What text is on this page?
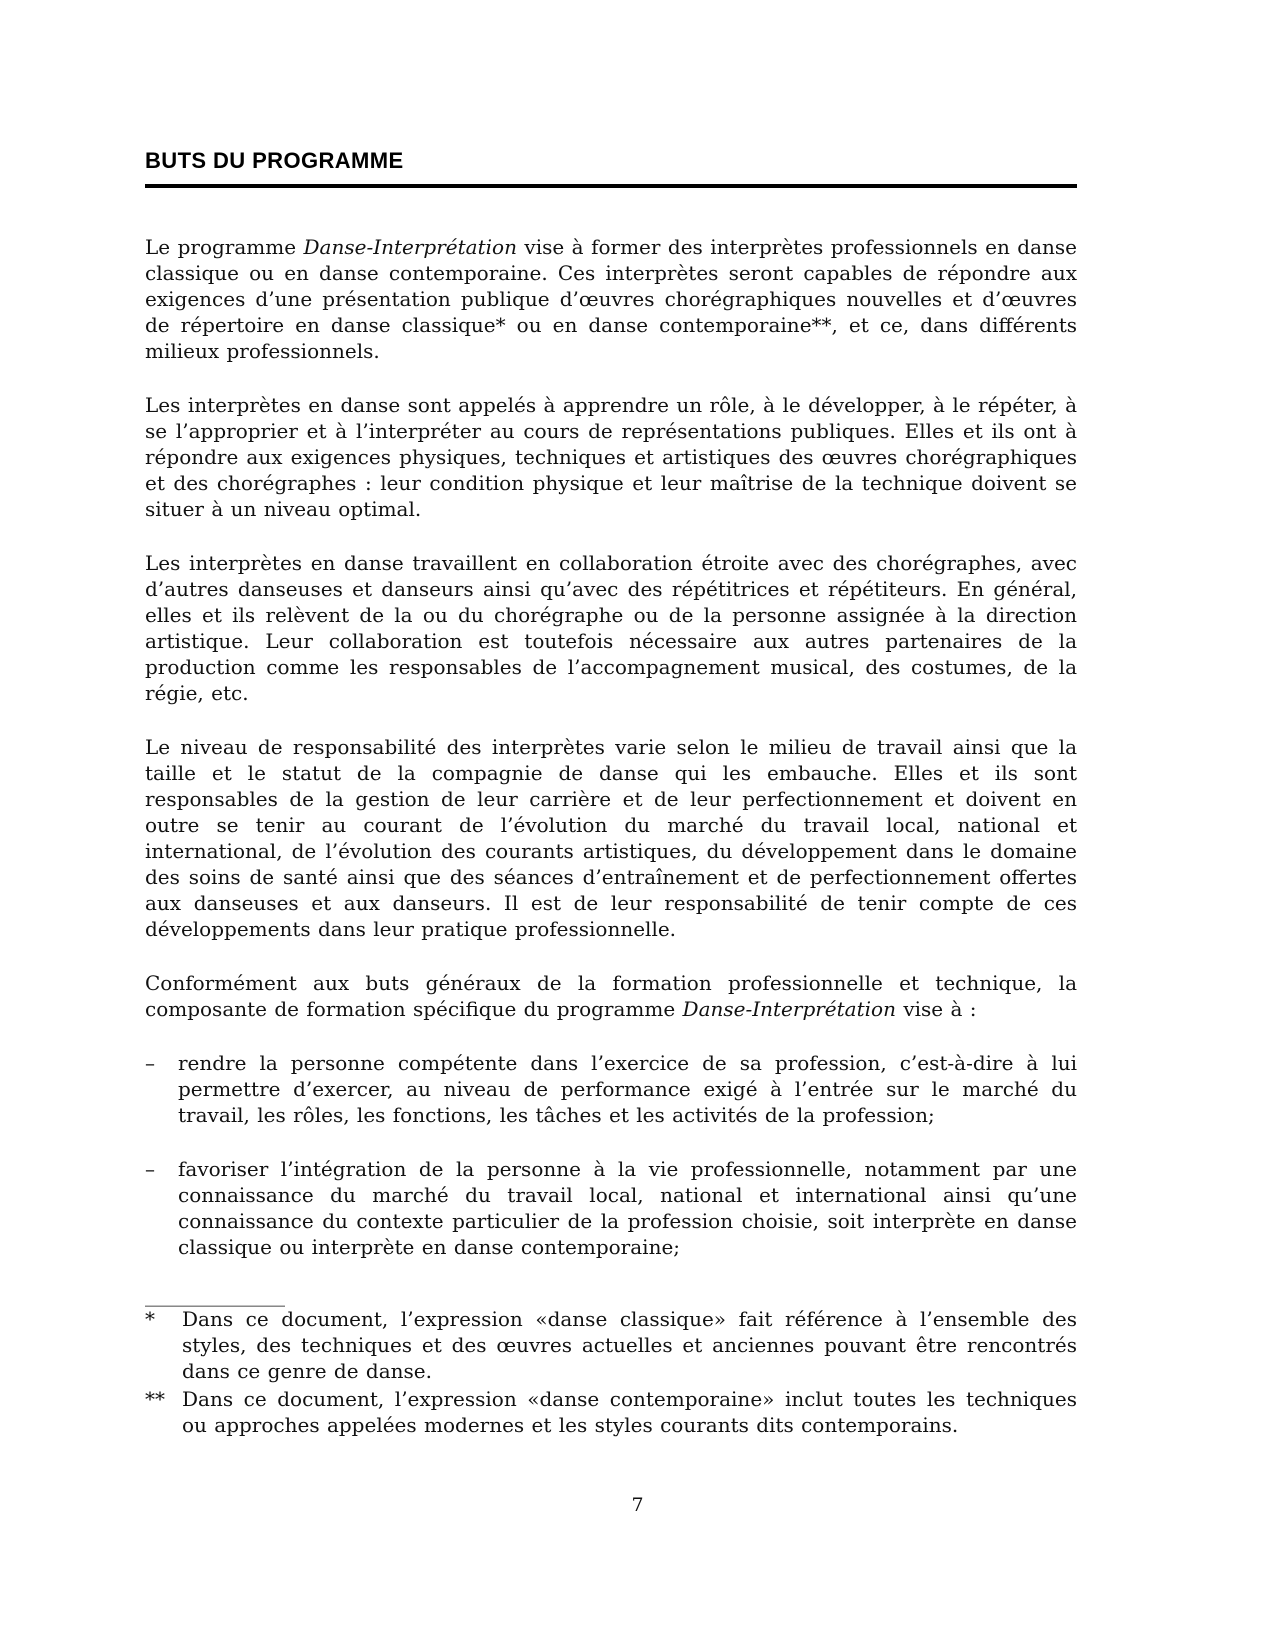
BUTS DU PROGRAMME

Le programme Danse-Interprétation vise à former des interprètes professionnels en danse classique ou en danse contemporaine. Ces interprètes seront capables de répondre aux exigences d’une présentation publique d’œuvres chorégraphiques nouvelles et d’œuvres de répertoire en danse classique* ou en danse contemporaine**, et ce, dans différents milieux professionnels.

Les interprètes en danse sont appelés à apprendre un rôle, à le développer, à le répéter, à se l’approprier et à l’interpréter au cours de représentations publiques. Elles et ils ont à répondre aux exigences physiques, techniques et artistiques des œuvres chorégraphiques et des chorégraphes : leur condition physique et leur maîtrise de la technique doivent se situer à un niveau optimal.

Les interprètes en danse travaillent en collaboration étroite avec des chorégraphes, avec d’autres danseuses et danseurs ainsi qu’avec des répétitrices et répétiteurs. En général, elles et ils relèvent de la ou du chorégraphe ou de la personne assignée à la direction artistique. Leur collaboration est toutefois nécessaire aux autres partenaires de la production comme les responsables de l’accompagnement musical, des costumes, de la régie, etc.

Le niveau de responsabilité des interprètes varie selon le milieu de travail ainsi que la taille et le statut de la compagnie de danse qui les embauche. Elles et ils sont responsables de la gestion de leur carrière et de leur perfectionnement et doivent en outre se tenir au courant de l’évolution du marché du travail local, national et international, de l’évolution des courants artistiques, du développement dans le domaine des soins de santé ainsi que des séances d’entraînement et de perfectionnement offertes aux danseuses et aux danseurs. Il est de leur responsabilité de tenir compte de ces développements dans leur pratique professionnelle.

Conformément aux buts généraux de la formation professionnelle et technique, la composante de formation spécifique du programme Danse-Interprétation vise à :

–	rendre la personne compétente dans l’exercice de sa profession, c’est-à-dire à lui permettre d’exercer, au niveau de performance exigé à l’entrée sur le marché du travail, les rôles, les fonctions, les tâches et les activités de la profession;
–	favoriser l’intégration de la personne à la vie professionnelle, notamment par une connaissance du marché du travail local, national et international ainsi qu’une connaissance du contexte particulier de la profession choisie, soit interprète en danse classique ou interprète en danse contemporaine;
______________
*	Dans ce document, l’expression «danse classique» fait référence à l’ensemble des styles, des techniques et des œuvres actuelles et anciennes pouvant être rencontrés dans ce genre de danse.
** Dans ce document, l’expression «danse contemporaine» inclut toutes les techniques ou approches appelées modernes et les styles courants dits contemporains.
7
